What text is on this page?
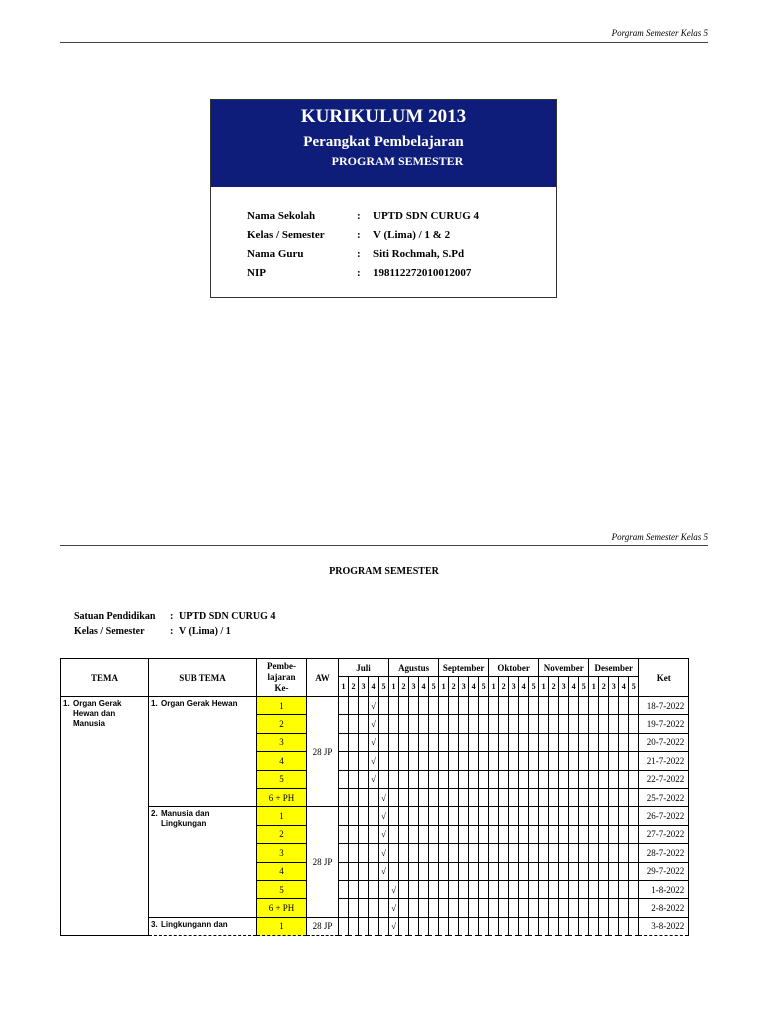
Porgram Semester Kelas 5
KURIKULUM 2013
Perangkat Pembelajaran
PROGRAM SEMESTER
Nama Sekolah	:	UPTD SDN CURUG 4
Kelas / Semester	:	V (Lima) / 1 & 2
Nama Guru	:	Siti Rochmah, S.Pd
NIP	:	198112272010012007
Porgram Semester Kelas 5
PROGRAM SEMESTER
Satuan Pendidikan	: UPTD SDN CURUG 4
Kelas / Semester	: V (Lima) / 1
TEMA	SUB TEMA	Pembe-
lajaran
Ke-	AW	Juli					Agustus					September					Oktober					November					Desember					Ket
				1	2	3	4	5	1	2	3	4	5	1	2	3	4	5	1	2	3	4	5	1	2	3	4	5	1	2	3	4	5	

1. Organ Gerak Hewan dan Manusia	1. Organ Gerak Hewan	1	28 JP				√																											18-7-2022
		2					√																											19-7-2022
		3					√																											20-7-2022
		4					√																											21-7-2022
		5					√																											22-7-2022
		6 + PH						√																										25-7-2022

	2. Manusia dan Lingkungan	1	28 JP					√																										26-7-2022
		2						√																										27-7-2022
		3						√																										28-7-2022
		4						√																										29-7-2022
		5							√																									1-8-2022
		6 + PH							√																									2-8-2022

	3. Lingkungann dan	1	28 JP						√																									3-8-2022
